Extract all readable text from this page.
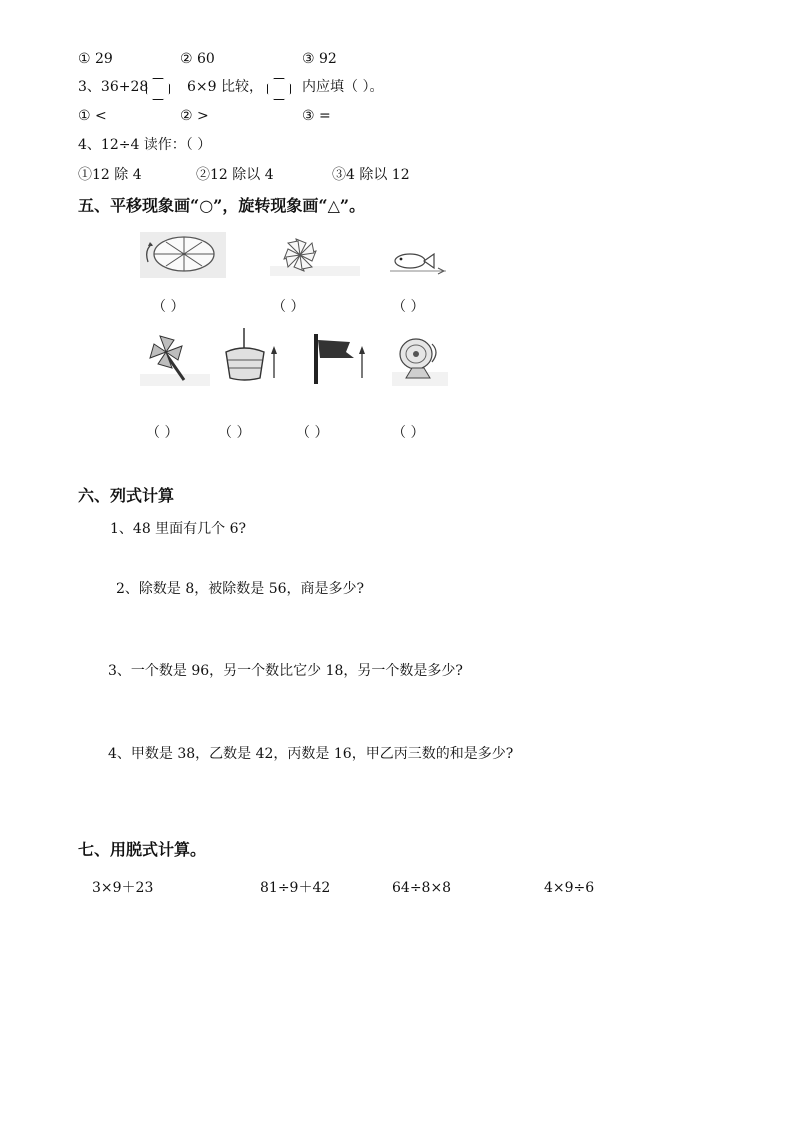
① 29	② 60	③ 92
3、36+28	6×9 比较，	内应填（ ）。
① <	② >	③ =
4、12÷4 读作：（ ）
①12 除 4	②12 除以 4	③4 除以 12
五、平移现象画“○”，旋转现象画“△”。
（ ）	（ ）	（ ）
（ ）	（ ）	（ ）	（ ）
六、列式计算
1、48 里面有几个 6?
2、除数是 8，被除数是 56，商是多少?
3、一个数是 96，另一个数比它少 18，另一个数是多少?
4、甲数是 38，乙数是 42，丙数是 16，甲乙丙三数的和是多少?
七、用脱式计算。
3×9＋23	81÷9＋42	64÷8×8	4×9÷6
